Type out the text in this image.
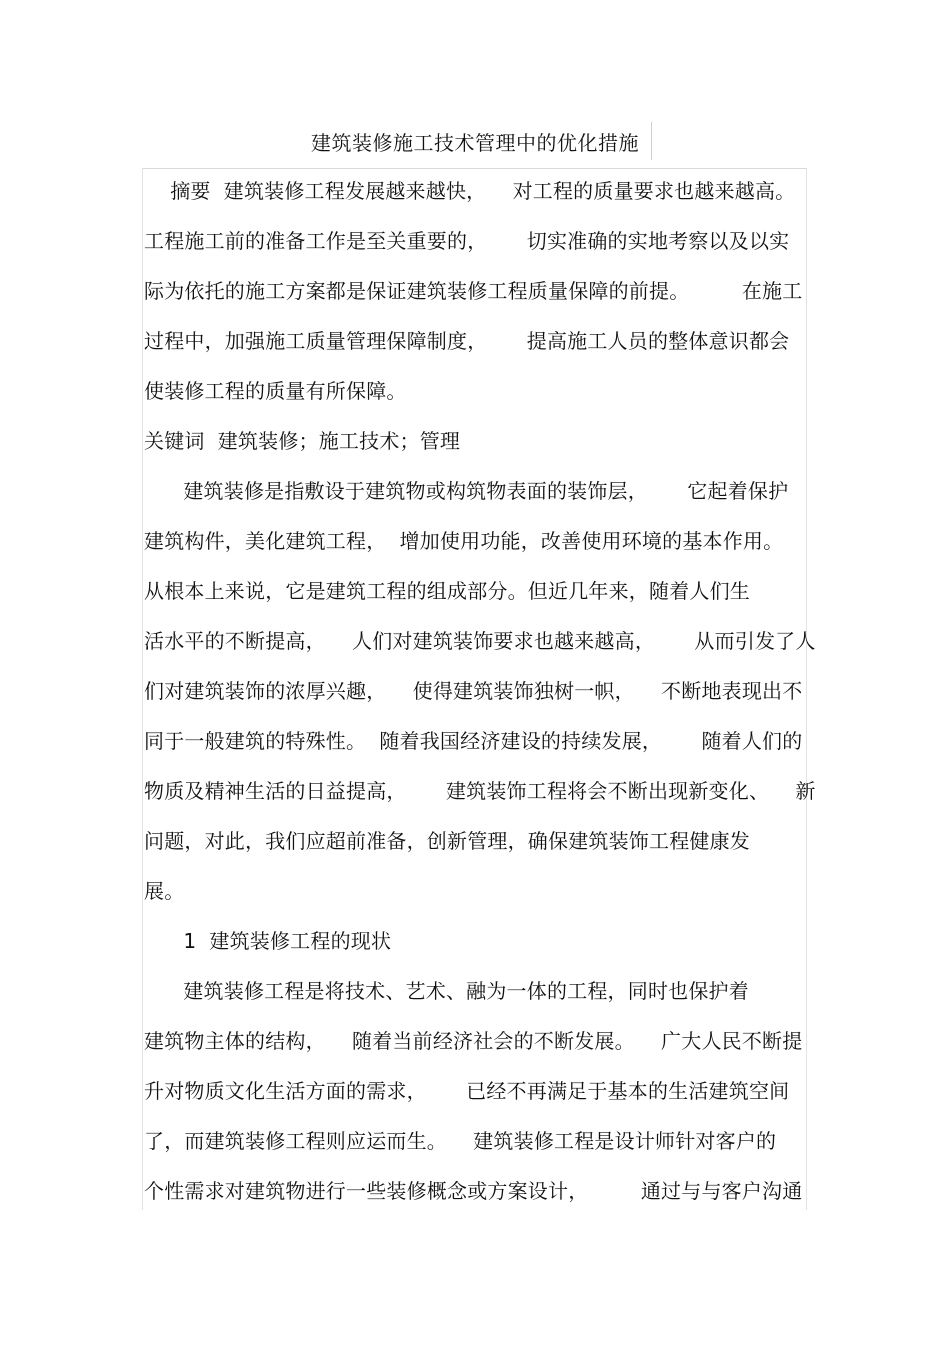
建筑装修施工技术管理中的优化措施
摘要  建筑装修工程发展越来越快，    对工程的质量要求也越来越高。
工程施工前的准备工作是至关重要的，      切实准确的实地考察以及以实
际为依托的施工方案都是保证建筑装修工程质量保障的前提。        在施工
过程中，加强施工质量管理保障制度，      提高施工人员的整体意识都会
使装修工程的质量有所保障。
关键词  建筑装修；施工技术；管理
建筑装修是指敷设于建筑物或构筑物表面的装饰层，      它起着保护
建筑构件，美化建筑工程，  增加使用功能，改善使用环境的基本作用。
从根本上来说，它是建筑工程的组成部分。但近几年来，随着人们生
活水平的不断提高，    人们对建筑装饰要求也越来越高，      从而引发了人
们对建筑装饰的浓厚兴趣，    使得建筑装饰独树一帜，    不断地表现出不
同于一般建筑的特殊性。  随着我国经济建设的持续发展，      随着人们的
物质及精神生活的日益提高，      建筑装饰工程将会不断出现新变化、    新
问题，对此，我们应超前准备，创新管理，确保建筑装饰工程健康发
展。
1  建筑装修工程的现状
建筑装修工程是将技术、艺术、融为一体的工程，同时也保护着
建筑物主体的结构，    随着当前经济社会的不断发展。    广大人民不断提
升对物质文化生活方面的需求，      已经不再满足于基本的生活建筑空间
了，而建筑装修工程则应运而生。    建筑装修工程是设计师针对客户的
个性需求对建筑物进行一些装修概念或方案设计，        通过与与客户沟通
